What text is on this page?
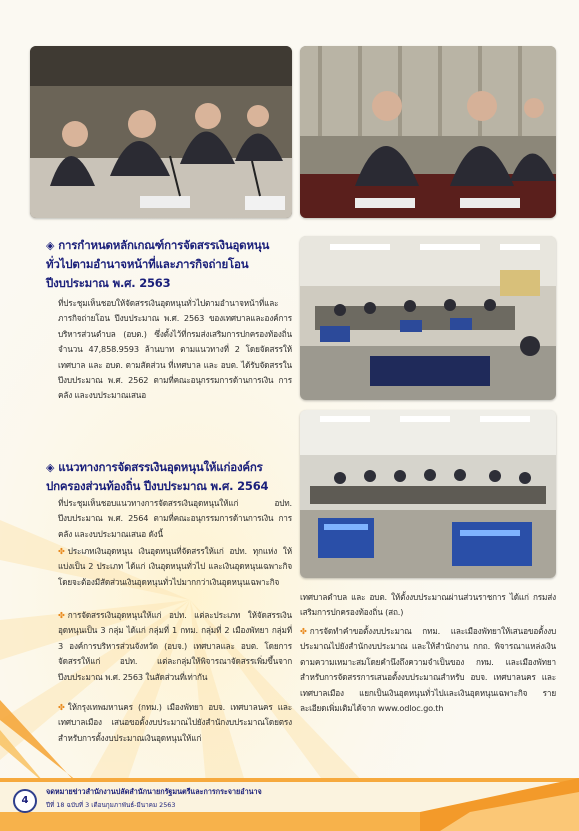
◈ การกำหนดหลักเกณฑ์การจัดสรรเงินอุดหนุนทั่วไปตามอำนาจหน้าที่และภารกิจถ่ายโอน ปีงบประมาณ พ.ศ. 2563
ที่ประชุมเห็นชอบให้จัดสรรเงินอุดหนุนทั่วไปตามอำนาจหน้าที่และภารกิจถ่ายโอน ปีงบประมาณ พ.ศ. 2563 ของเทศบาลและองค์การบริหารส่วนตำบล (อบต.) ซึ่งตั้งไว้ที่กรมส่งเสริมการปกครองท้องถิ่น จำนวน 47,858.9593 ล้านบาท ตามแนวทางที่ 2 โดยจัดสรรให้เทศบาล และ อบต. ตามสัดส่วน ที่เทศบาล และ อบต. ได้รับจัดสรรในปีงบประมาณ พ.ศ. 2562 ตามที่คณะอนุกรรมการด้านการเงิน การคลัง และงบประมาณเสนอ
◈ แนวทางการจัดสรรเงินอุดหนุนให้แก่องค์กรปกครองส่วนท้องถิ่น ปีงบประมาณ พ.ศ. 2564
ที่ประชุมเห็นชอบแนวทางการจัดสรรเงินอุดหนุนให้แก่ อปท. ปีงบประมาณ พ.ศ. 2564 ตามที่คณะอนุกรรมการด้านการเงิน การคลัง และงบประมาณเสนอ ดังนี้
✤ ประเภทเงินอุดหนุน เงินอุดหนุนที่จัดสรรให้แก่ อปท. ทุกแห่ง ให้แบ่งเป็น 2 ประเภท ได้แก่ เงินอุดหนุนทั่วไป และเงินอุดหนุนเฉพาะกิจ โดยจะต้องมีสัดส่วนเงินอุดหนุนทั่วไปมากกว่าเงินอุดหนุนเฉพาะกิจ
✤ การจัดสรรเงินอุดหนุนให้แก่ อปท. แต่ละประเภท ให้จัดสรรเงินอุดหนุนเป็น 3 กลุ่ม ได้แก่ กลุ่มที่ 1 กทม. กลุ่มที่ 2 เมืองพัทยา กลุ่มที่ 3 องค์การบริหารส่วนจังหวัด (อบจ.) เทศบาลและ อบต. โดยการจัดสรรให้แก่ อปท. แต่ละกลุ่มให้พิจารณาจัดสรรเพิ่มขึ้นจากปีงบประมาณ พ.ศ. 2563 ในสัดส่วนที่เท่ากัน
✤ ให้กรุงเทพมหานคร (กทม.) เมืองพัทยา อบจ. เทศบาลนคร และเทศบาลเมือง เสนอขอตั้งงบประมาณไปยังสำนักงบประมาณโดยตรง สำหรับการตั้งงบประมาณเงินอุดหนุนให้แก่
เทศบาลตำบล และ อบต. ให้ตั้งงบประมาณผ่านส่วนราชการ ได้แก่ กรมส่งเสริมการปกครองท้องถิ่น (สถ.)
✤ การจัดทำคำขอตั้งงบประมาณ กทม. และเมืองพัทยาให้เสนอขอตั้งงบประมาณไปยังสำนักงบประมาณ และให้สำนักงาน กกถ. พิจารณาแหล่งเงินตามความเหมาะสมโดยคำนึงถึงความจำเป็นของ กทม. และเมืองพัทยา สำหรับการจัดสรรการเสนอตั้งงบประมาณสำหรับ อบจ. เทศบาลนคร และเทศบาลเมือง แยกเป็นเงินอุดหนุนทั่วไปและเงินอุดหนุนเฉพาะกิจ รายละเอียดเพิ่มเติมได้จาก www.odloc.go.th
4
จดหมายข่าวสำนักงานปลัดสำนักนายกรัฐมนตรีและการกระจายอำนาจ
ปีที่ 18 ฉบับที่ 3 เดือนกุมภาพันธ์-มีนาคม 2563
